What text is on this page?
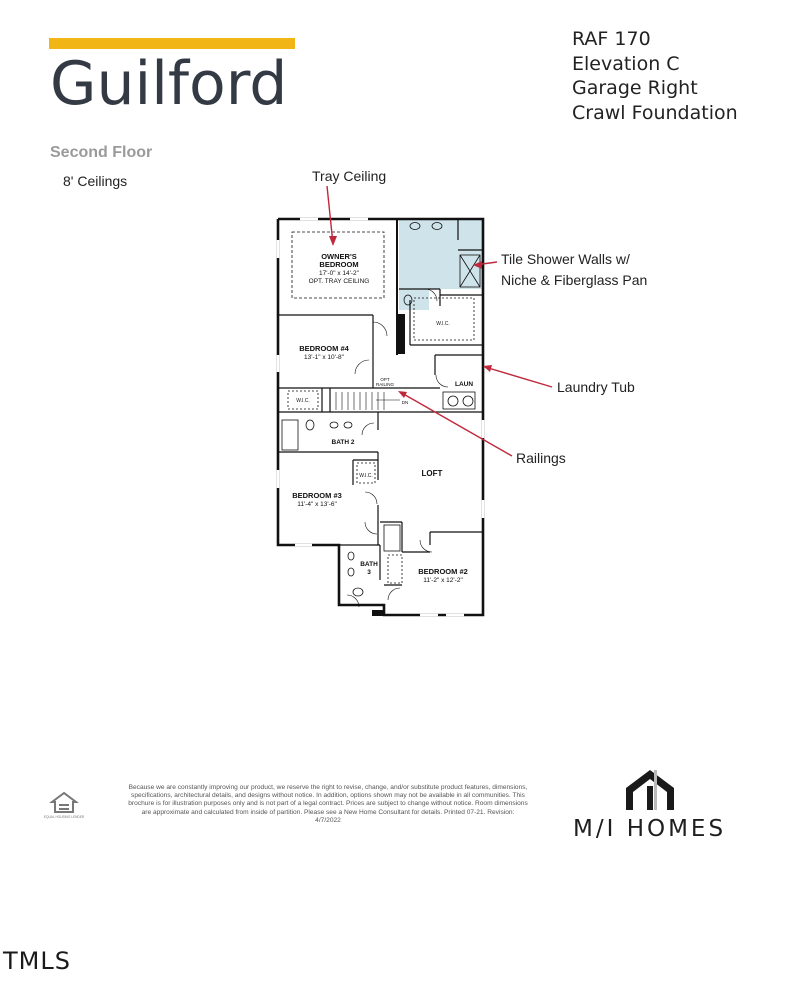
Guilford
Second Floor
8' Ceilings
RAF 170
Elevation C
Garage Right
Crawl Foundation
Tray Ceiling
Tile Shower Walls w/
Niche & Fiberglass Pan
Laundry Tub
Railings
OWNER'S
BEDROOM
17'-0" x 14'-2"
OPT. TRAY CEILING
BEDROOM #4
13'-1" x 10'-8"
BEDROOM #3
11'-4" x 13'-6"
BEDROOM #2
11'-2" x 12'-2"
LOFT
BATH 2
BATH
3
LAUN
W.I.C.
W.I.C.
W.I.C.
OPT
RAILING
DN
Because we are constantly improving our product, we reserve the right to revise, change, and/or substitute product features, dimensions, specifications, architectural details, and designs without notice. In addition, options shown may not be available in all communities. This brochure is for illustration purposes only and is not part of a legal contract. Prices are subject to change without notice. Room dimensions are approximate and calculated from inside of partition. Please see a New Home Consultant for details. Printed 07-21. Revision: 4/7/2022
EQUAL HOUSING LENDER	M/I HOMES
TMLS
